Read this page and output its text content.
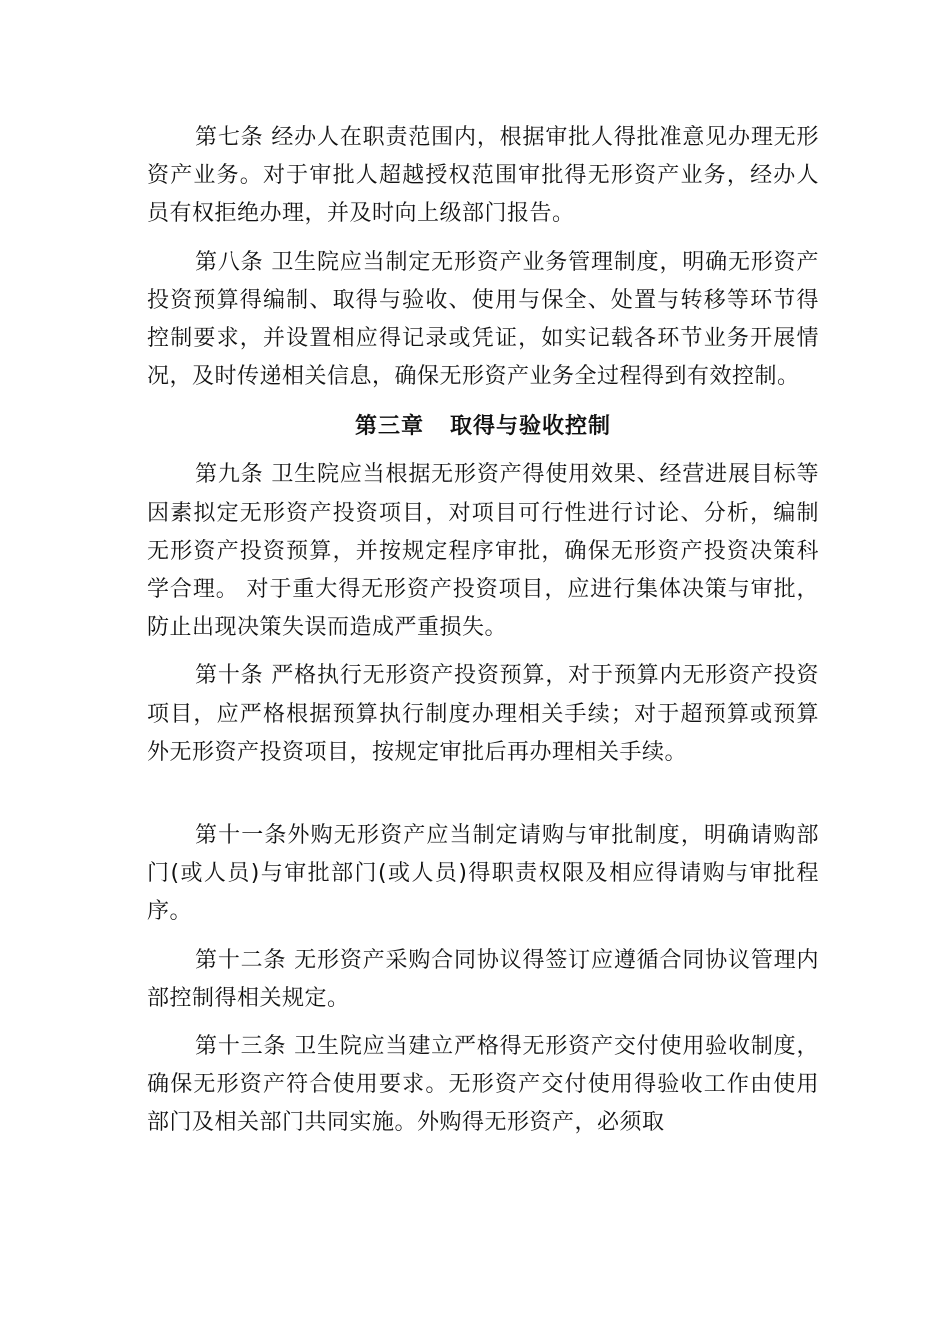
第七条 经办人在职责范围内，根据审批人得批准意见办理无形资产业务。对于审批人超越授权范围审批得无形资产业务，经办人员有权拒绝办理，并及时向上级部门报告。

第八条 卫生院应当制定无形资产业务管理制度，明确无形资产投资预算得编制、取得与验收、使用与保全、处置与转移等环节得控制要求，并设置相应得记录或凭证，如实记载各环节业务开展情况，及时传递相关信息，确保无形资产业务全过程得到有效控制。

第三章   取得与验收控制

第九条 卫生院应当根据无形资产得使用效果、经营进展目标等因素拟定无形资产投资项目，对项目可行性进行讨论、分析，编制无形资产投资预算，并按规定程序审批，确保无形资产投资决策科学合理。 对于重大得无形资产投资项目，应进行集体决策与审批，防止出现决策失误而造成严重损失。

第十条 严格执行无形资产投资预算，对于预算内无形资产投资项目，应严格根据预算执行制度办理相关手续；对于超预算或预算外无形资产投资项目，按规定审批后再办理相关手续。

第十一条外购无形资产应当制定请购与审批制度，明确请购部门(或人员)与审批部门(或人员)得职责权限及相应得请购与审批程序。

第十二条 无形资产采购合同协议得签订应遵循合同协议管理内部控制得相关规定。

第十三条 卫生院应当建立严格得无形资产交付使用验收制度，确保无形资产符合使用要求。无形资产交付使用得验收工作由使用部门及相关部门共同实施。外购得无形资产，必须取
